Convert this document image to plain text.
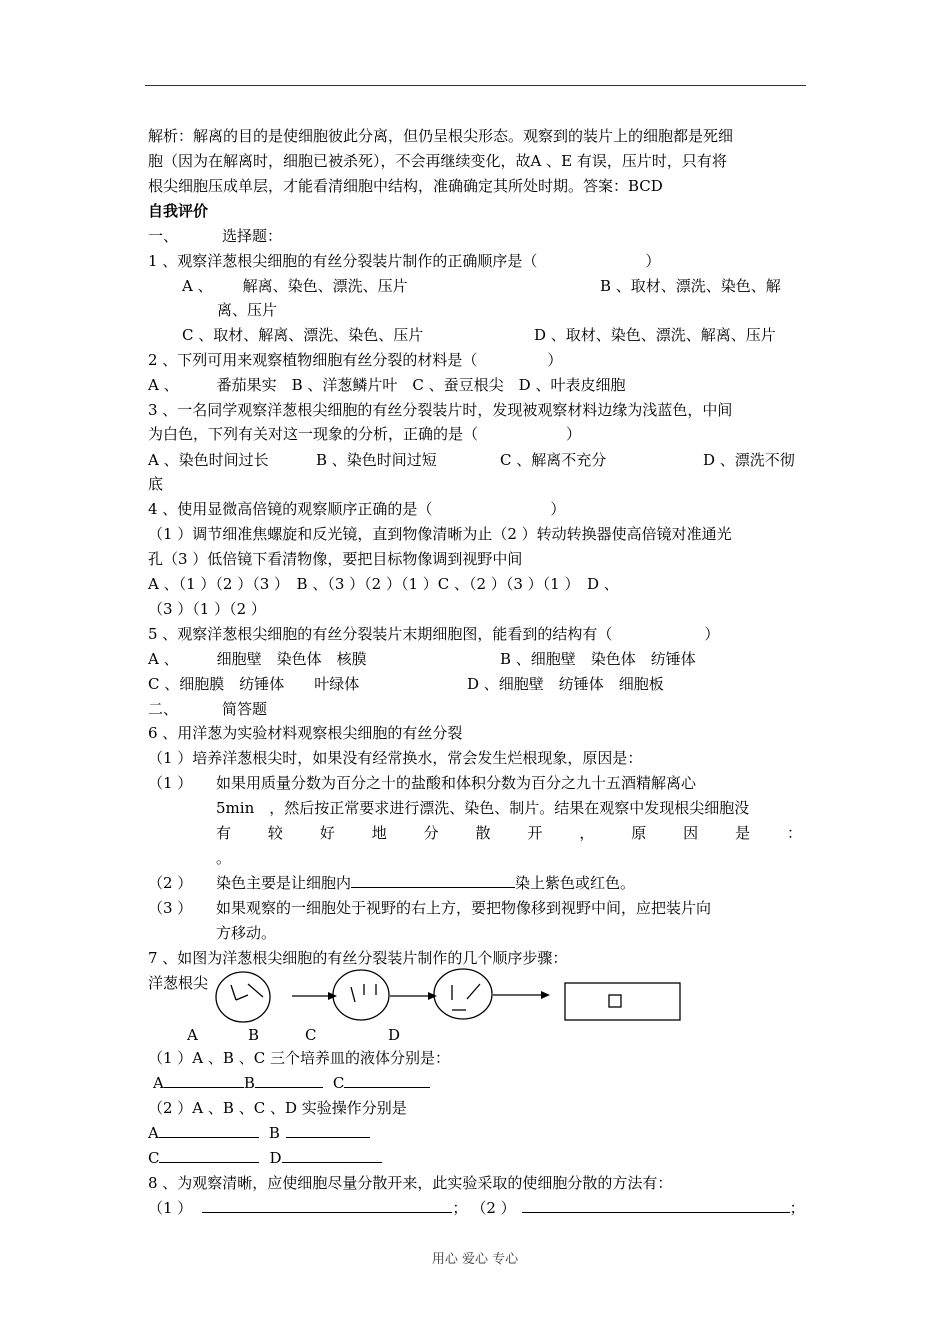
解析：解离的目的是使细胞彼此分离，但仍呈根尖形态。观察到的装片上的细胞都是死细
胞（因为在解离时，细胞已被杀死），不会再继续变化，故A 、E 有误，压片时，只有将
根尖细胞压成单层，才能看清细胞中结构，准确确定其所处时期。答案：BCD
自我评价
一、	选择题：
1 、观察洋葱根尖细胞的有丝分裂装片制作的正确顺序是（	）
A 、 解离、染色、漂洗、压片	B 、取材、漂洗、染色、解
离、压片
C 、取材、解离、漂洗、染色、压片	D 、取材、染色、漂洗、解离、压片
2 、下列可用来观察植物细胞有丝分裂的材料是（	）
A 、	番茄果实　B 、洋葱鳞片叶　C 、蚕豆根尖　D 、叶表皮细胞
3 、一名同学观察洋葱根尖细胞的有丝分裂装片时，发现被观察材料边缘为浅蓝色，中间
为白色，下列有关对这一现象的分析，正确的是（	）
A 、染色时间过长	B 、染色时间过短	C 、解离不充分	D 、漂洗不彻
底
4 、使用显微高倍镜的观察顺序正确的是（	）
（1 ）调节细准焦螺旋和反光镜，直到物像清晰为止（2 ）转动转换器使高倍镜对准通光
孔（3 ）低倍镜下看清物像，要把目标物像调到视野中间
A 、（1 ）（2 ）（3 ）　B 、（3 ）（2 ）（1 ）C 、（2 ）（3 ）（1 ）　D 、
（3 ）（1 ）（2 ）
5 、观察洋葱根尖细胞的有丝分裂装片末期细胞图，能看到的结构有（	）
A 、	细胞壁　染色体　核膜	B 、细胞壁　染色体　纺锤体
C 、细胞膜　纺锤体　　叶绿体	D 、细胞壁　纺锤体　细胞板
二、	简答题
6 、用洋葱为实验材料观察根尖细胞的有丝分裂
（1 ）培养洋葱根尖时，如果没有经常换水，常会发生烂根现象，原因是：
（1 ） 如果用质量分数为百分之十的盐酸和体积分数为百分之九十五酒精解离心
5min　，然后按正常要求进行漂洗、染色、制片。结果在观察中发现根尖细胞没
有 较 好 地 分 散 开 ， 原 因 是 ：
。
（2 ） 染色主要是让细胞内	染上紫色或红色。
（3 ） 如果观察的一细胞处于视野的右上方，要把物像移到视野中间，应把装片向
方移动。
7 、如图为洋葱根尖细胞的有丝分裂装片制作的几个顺序步骤：
洋葱根尖
A	B	C	D
（1 ）A 、B 、C 三个培养皿的液体分别是：
A	B	C
（2 ）A 、B 、C 、D 实验操作分别是
A	B
C	D
8 、为观察清晰，应使细胞尽量分散开来，此实验采取的使细胞分散的方法有：
（1 ）	； （2 ）	；
用心 爱心 专心
